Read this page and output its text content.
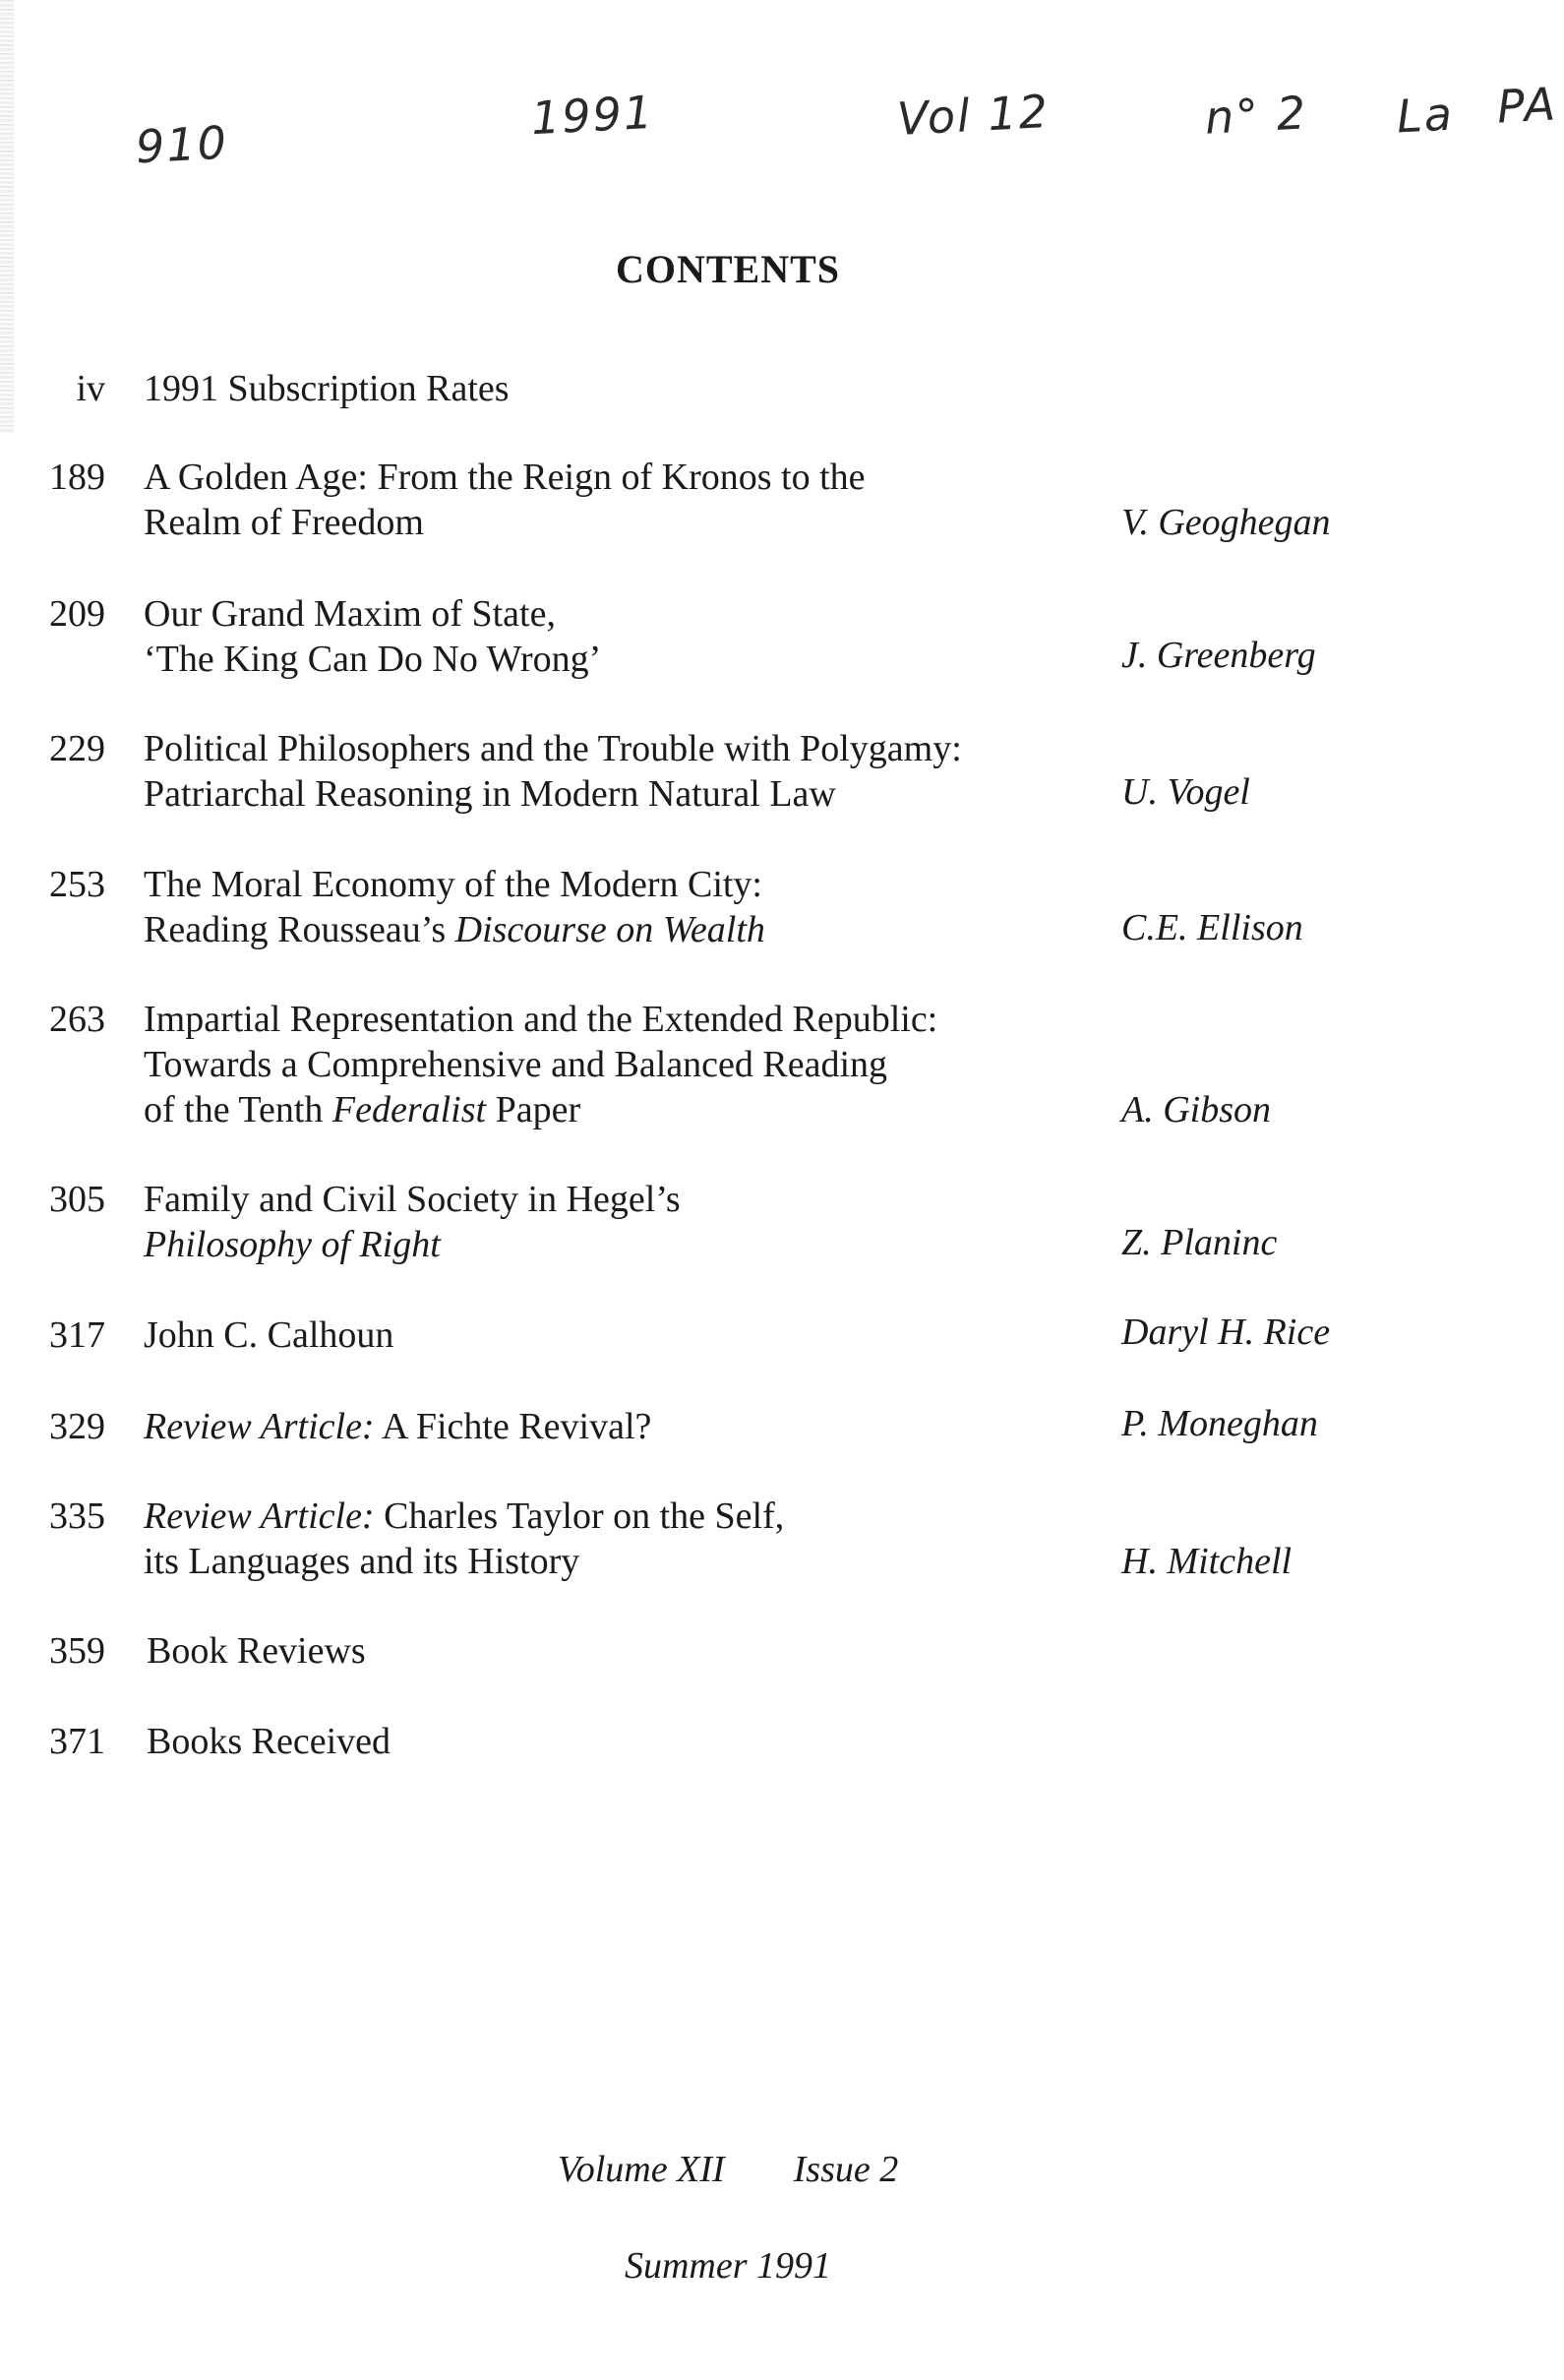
910	1991	Vol 12	n° 2 La PA
CONTENTS
iv 1991 Subscription Rates
189 A Golden Age: From the Reign of Kronos to the
Realm of Freedom	V. Geoghegan
209 Our Grand Maxim of State,
‘The King Can Do No Wrong’	J. Greenberg
229 Political Philosophers and the Trouble with Polygamy:
Patriarchal Reasoning in Modern Natural Law	U. Vogel
253 The Moral Economy of the Modern City:
Reading Rousseau’s Discourse on Wealth	C.E. Ellison
263 Impartial Representation and the Extended Republic:
Towards a Comprehensive and Balanced Reading
of the Tenth Federalist Paper	A. Gibson
305 Family and Civil Society in Hegel’s
Philosophy of Right	Z. Planinc
317 John C. Calhoun	Daryl H. Rice
329 Review Article: A Fichte Revival?	P. Moneghan
335 Review Article: Charles Taylor on the Self,
its Languages and its History	H. Mitchell
359 Book Reviews
371 Books Received
Volume XII Issue 2
Summer 1991
